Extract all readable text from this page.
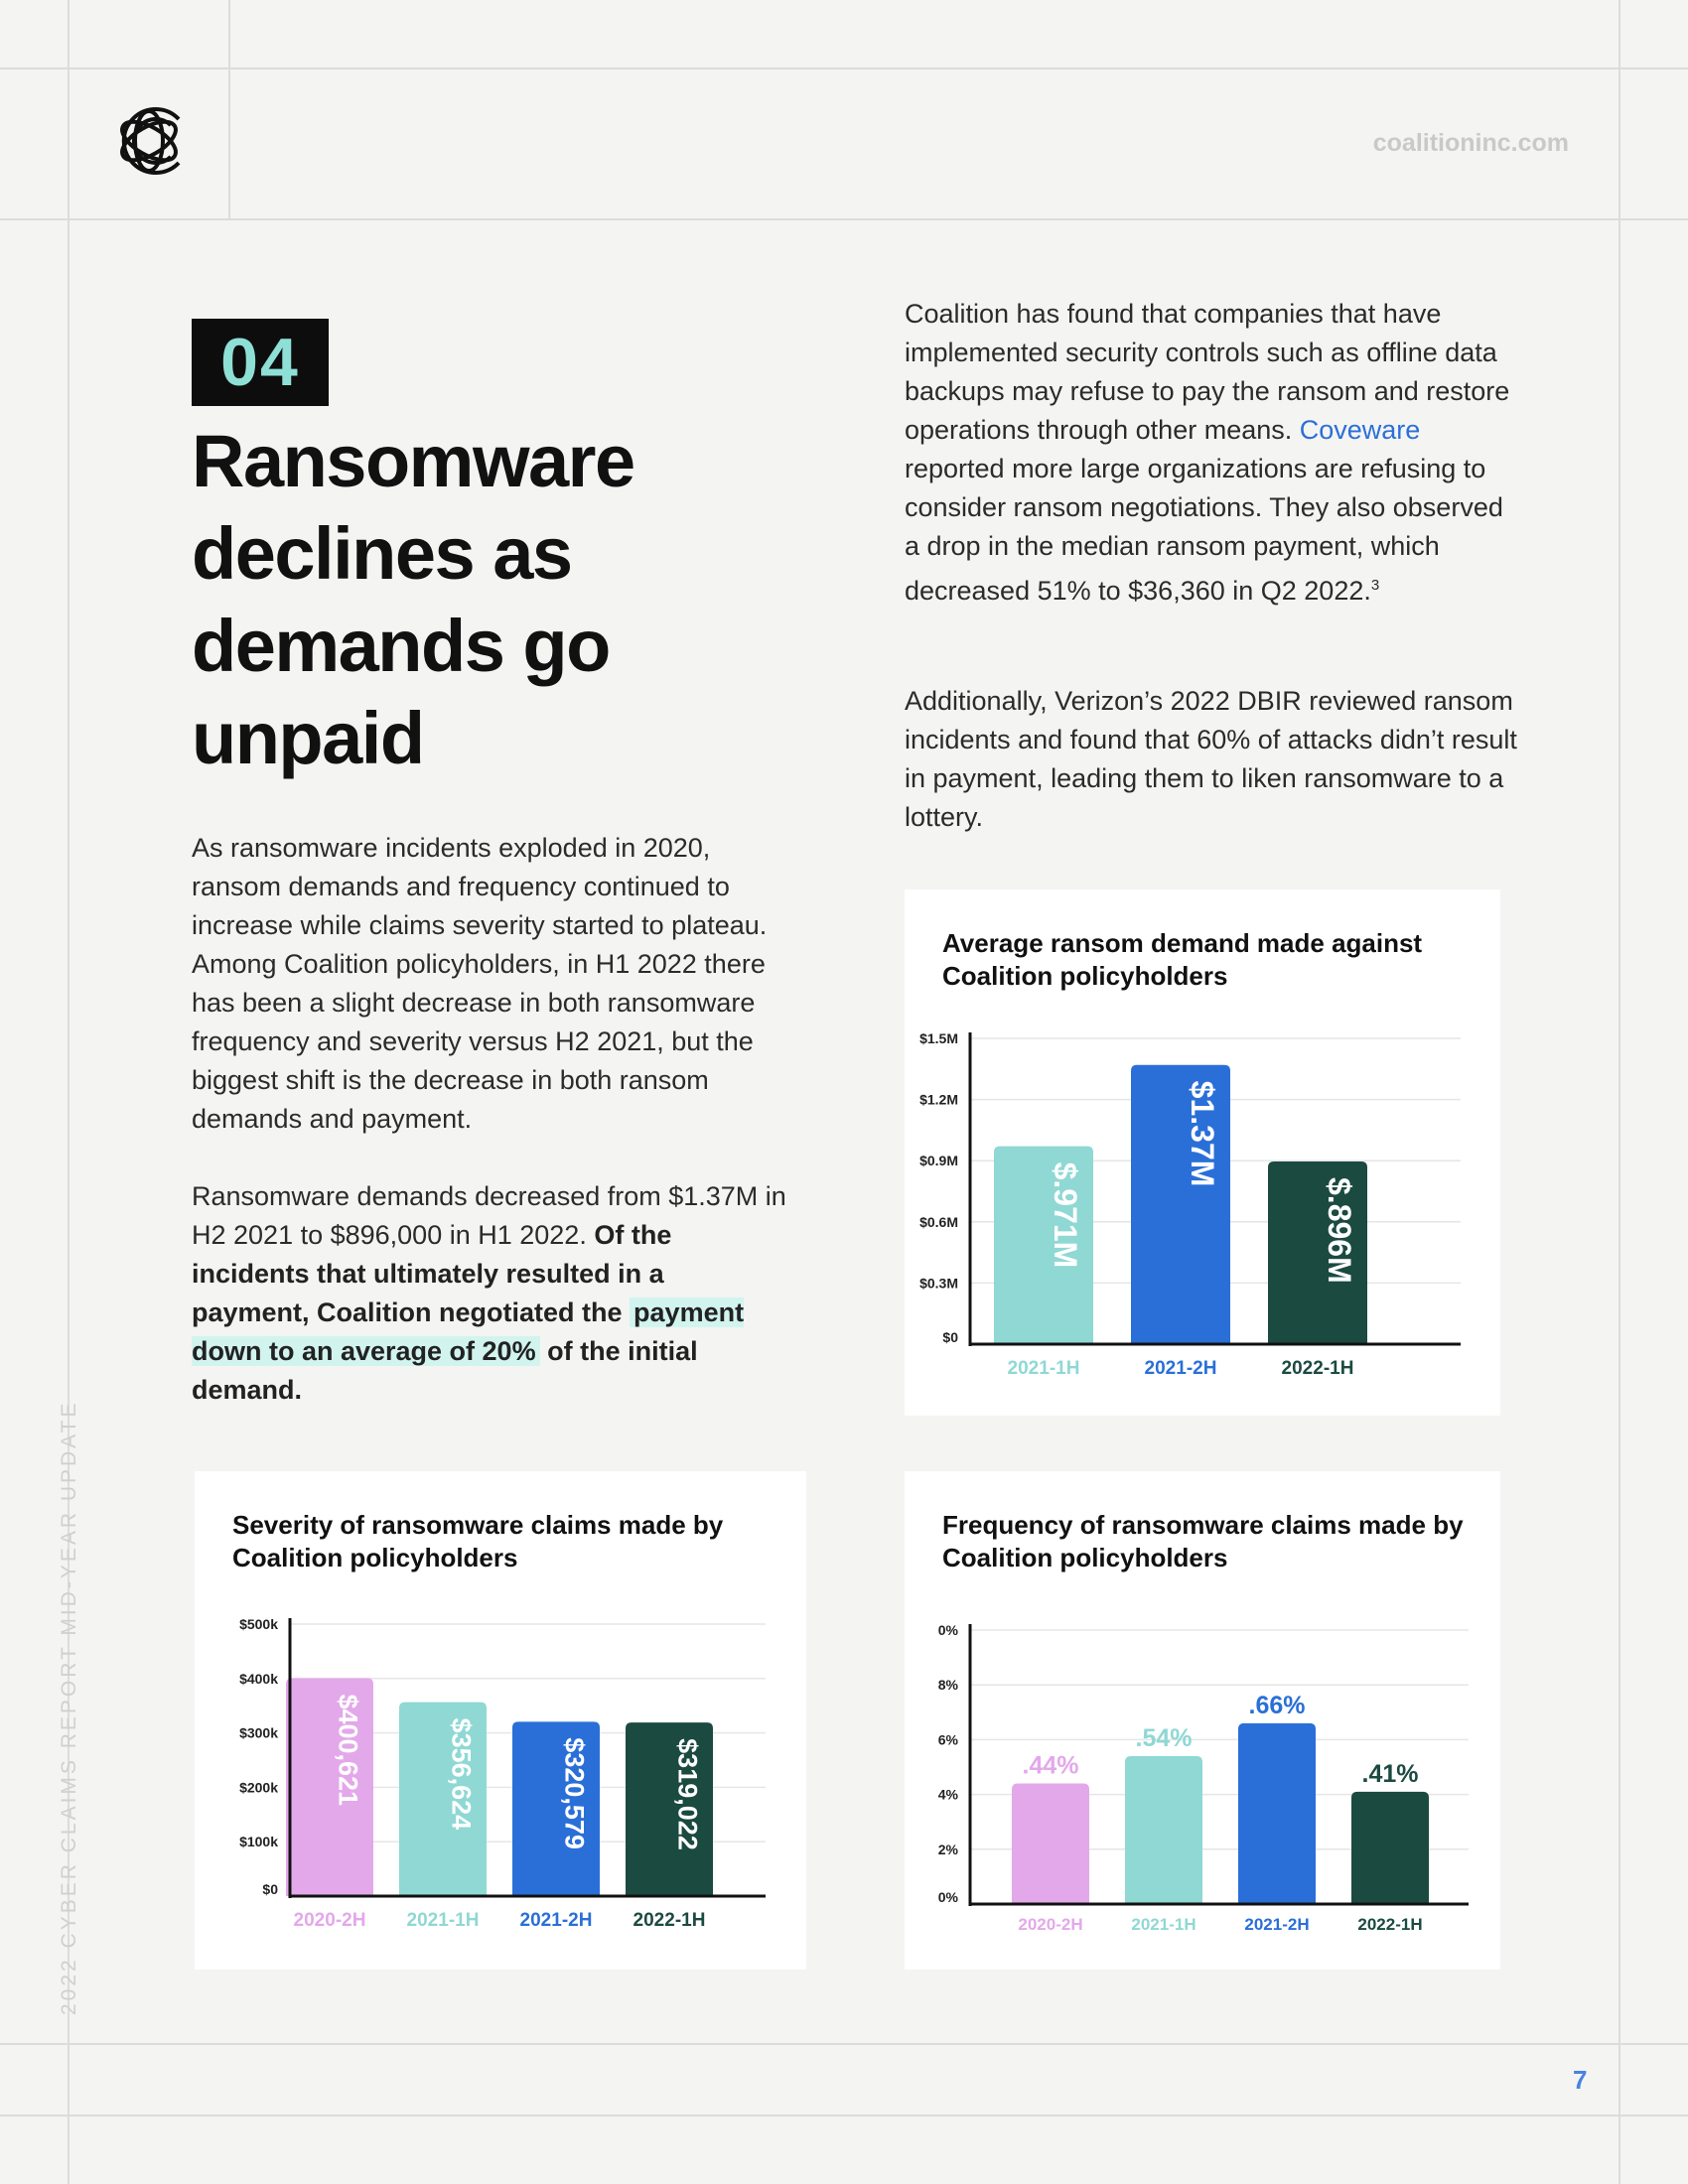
coalitioninc.com
04
Ransomware declines as demands go unpaid

As ransomware incidents exploded in 2020, ransom demands and frequency continued to increase while claims severity started to plateau. Among Coalition policyholders, in H1 2022 there has been a slight decrease in both ransomware frequency and severity versus H2 2021, but the biggest shift is the decrease in both ransom demands and payment.

Ransomware demands decreased from $1.37M in H2 2021 to $896,000 in H1 2022. Of the incidents that ultimately resulted in a payment, Coalition negotiated the payment down to an average of 20% of the initial demand.

Coalition has found that companies that have implemented security controls such as offline data backups may refuse to pay the ransom and restore operations through other means. Coveware reported more large organizations are refusing to consider ransom negotiations. They also observed a drop in the median ransom payment, which decreased 51% to $36,360 in Q2 2022.$^3$

Additionally, Verizon’s 2022 DBIR reviewed ransom incidents and found that 60% of attacks didn’t result in payment, leading them to liken ransomware to a lottery.

Average ransom demand made against Coalition policyholders
$0
$0.3M
$0.6M
$0.9M
$1.2M
$1.5M
$.971M
2021-1H
$1.37M
2021-2H
$.896M
2022-1H
Severity of ransomware claims made by Coalition policyholders
$0
$100k
$200k
$300k
$400k
$500k
$400,621
2020-2H
$356,624
2021-1H
$320,579
2021-2H
$319,022
2022-1H
Frequency of ransomware claims made by Coalition policyholders
0%
2%
4%
6%
8%
0%
.44%
2020-2H
.54%
2021-1H
.66%
2021-2H
.41%
2022-1H
2022 CYBER CLAIMS REPORT MID-YEAR UPDATE
7
